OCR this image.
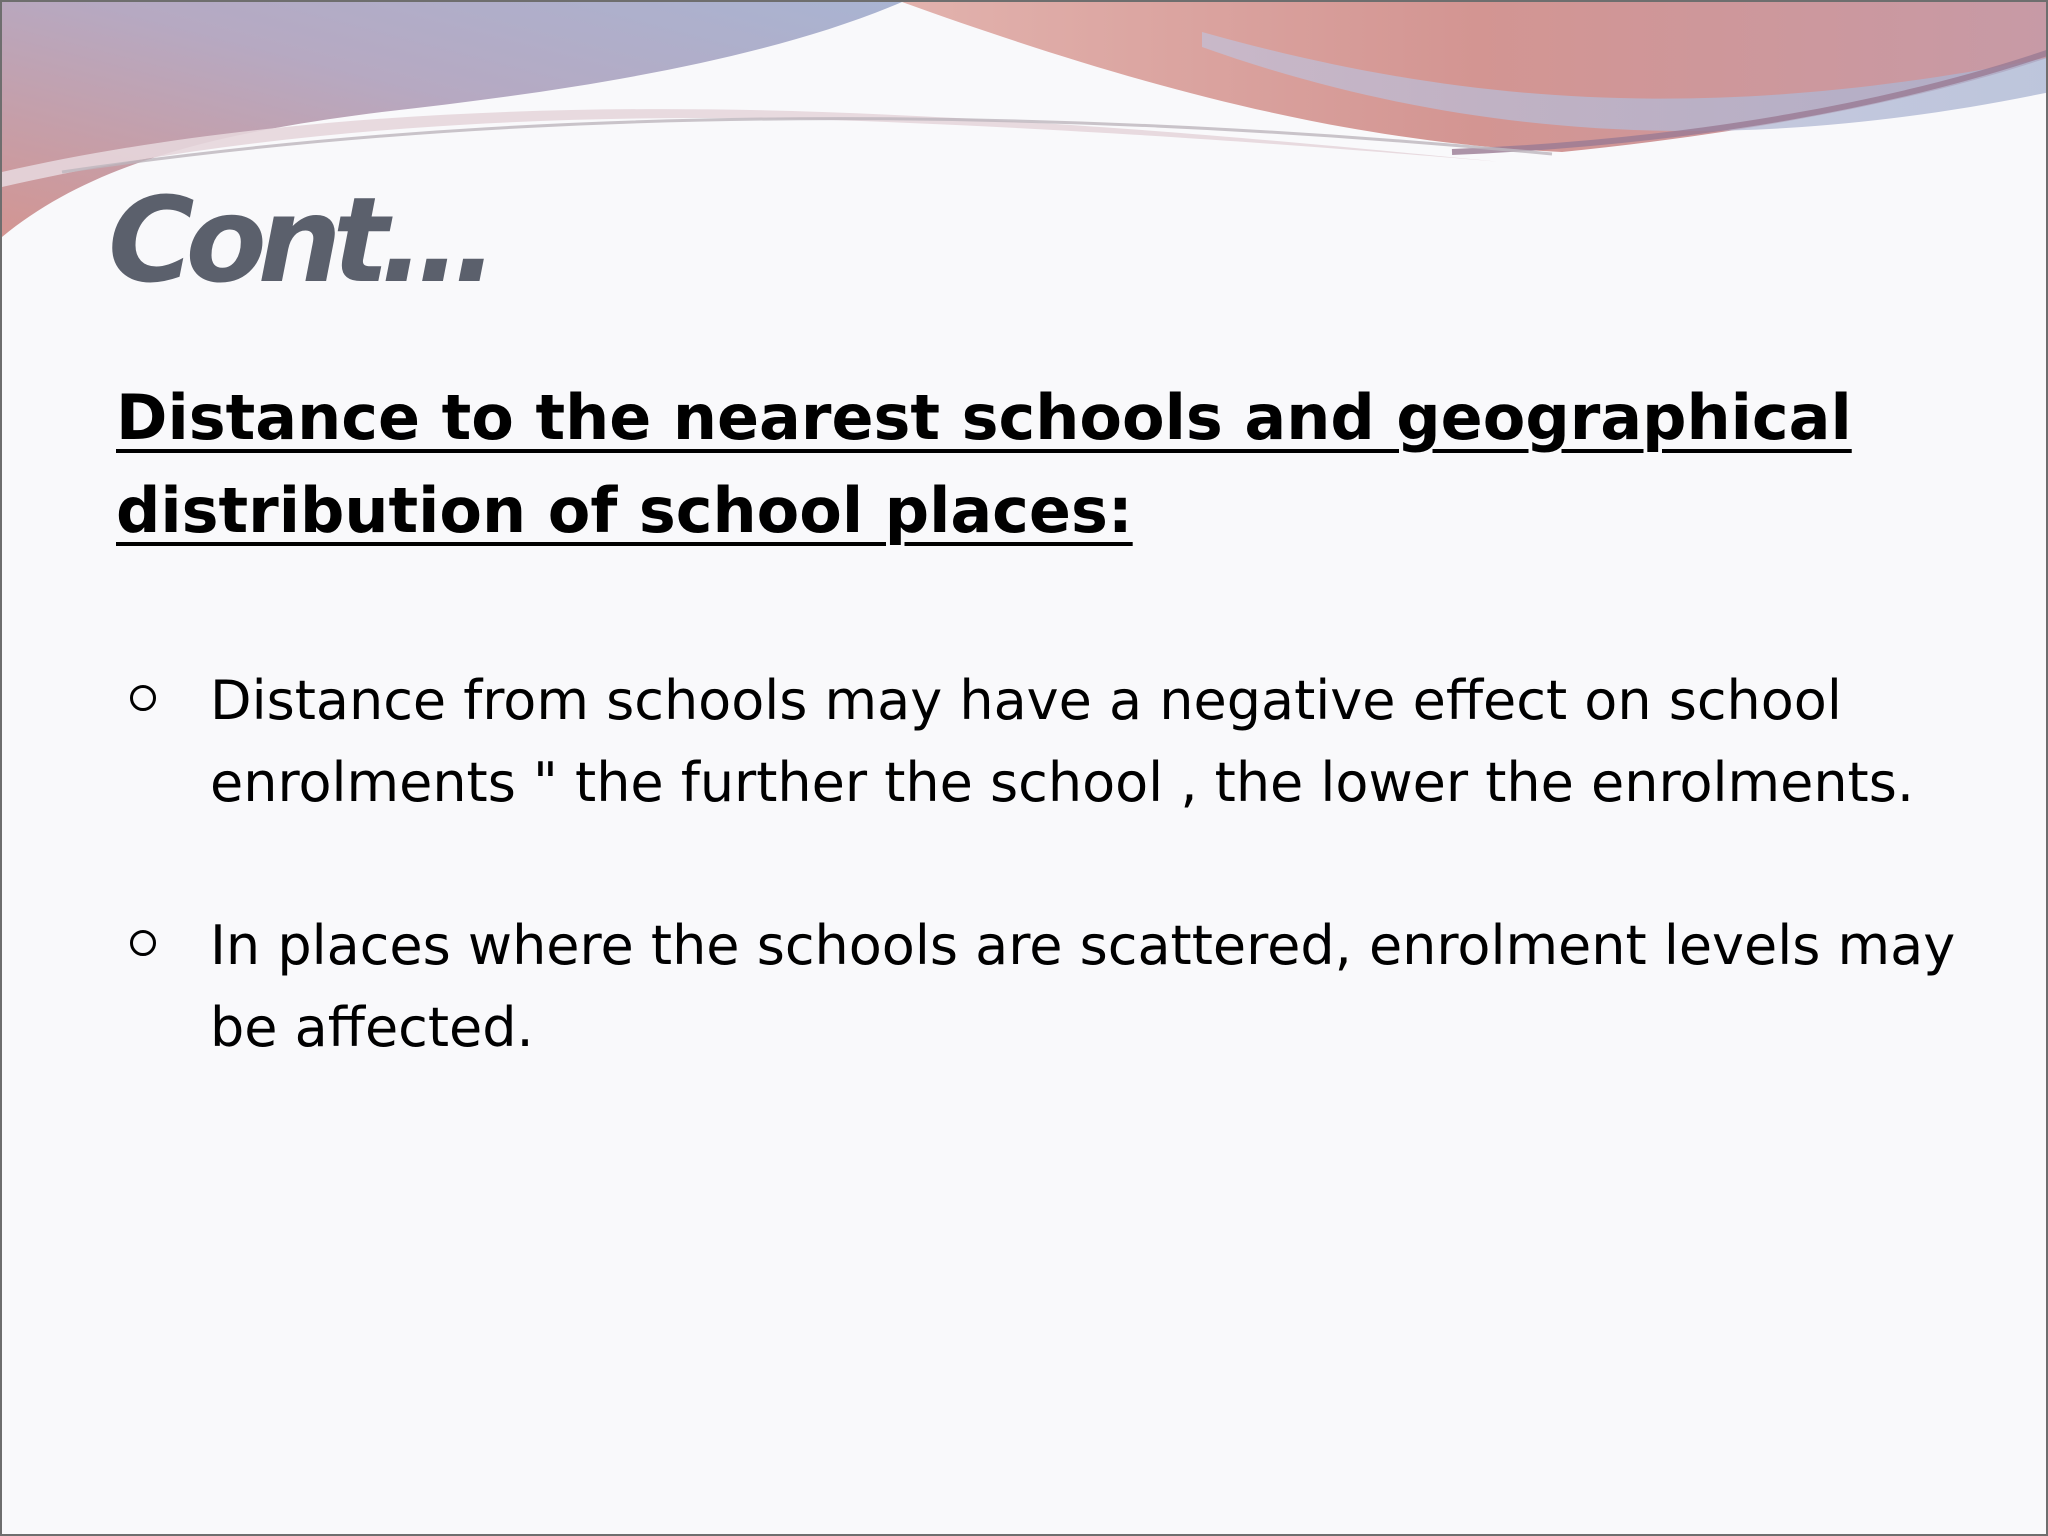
Cont…
Distance to the nearest schools and geographical distribution of school places:
Distance from schools may have a negative effect on school enrolments " the further the school , the lower the enrolments.
In places where the schools are scattered, enrolment levels may be affected.
